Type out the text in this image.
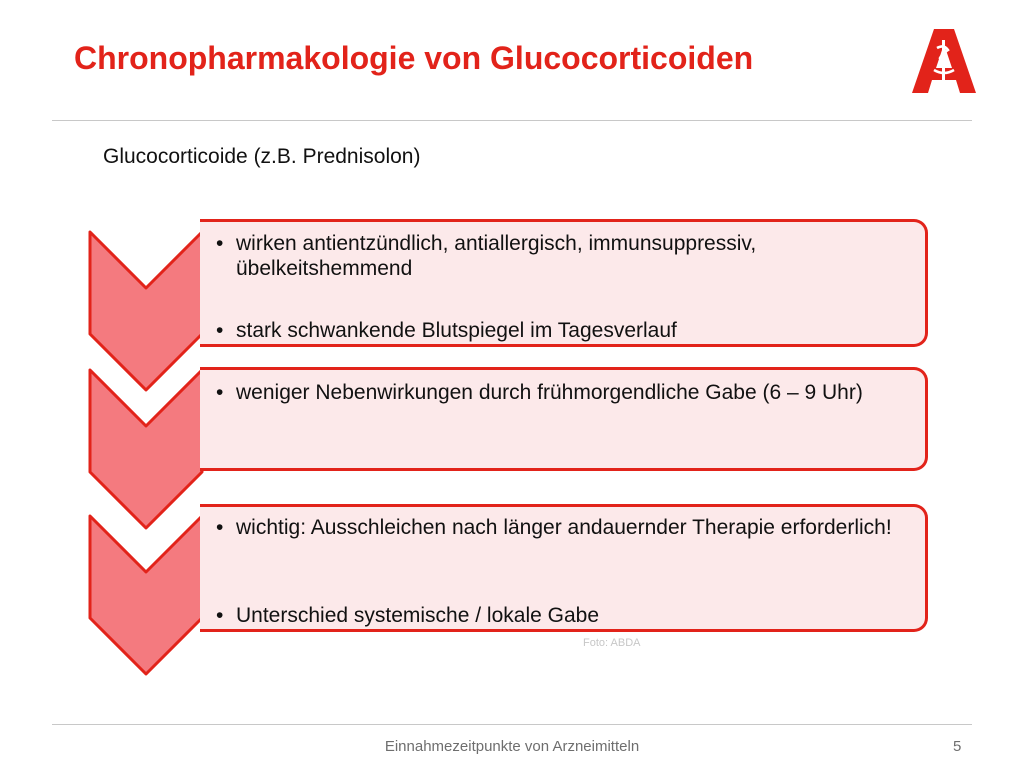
Chronopharmakologie von Glucocorticoiden
Glucocorticoide (z.B. Prednisolon)
• wirken antientzündlich, antiallergisch, immunsuppressiv, übelkeitshemmend
• stark schwankende Blutspiegel im Tagesverlauf
• weniger Nebenwirkungen durch frühmorgendliche Gabe (6 – 9 Uhr)
• wichtig: Ausschleichen nach länger andauernder Therapie erforderlich!
• Unterschied systemische / lokale Gabe
Foto: ABDA
Einnahmezeitpunkte von Arzneimitteln	5
